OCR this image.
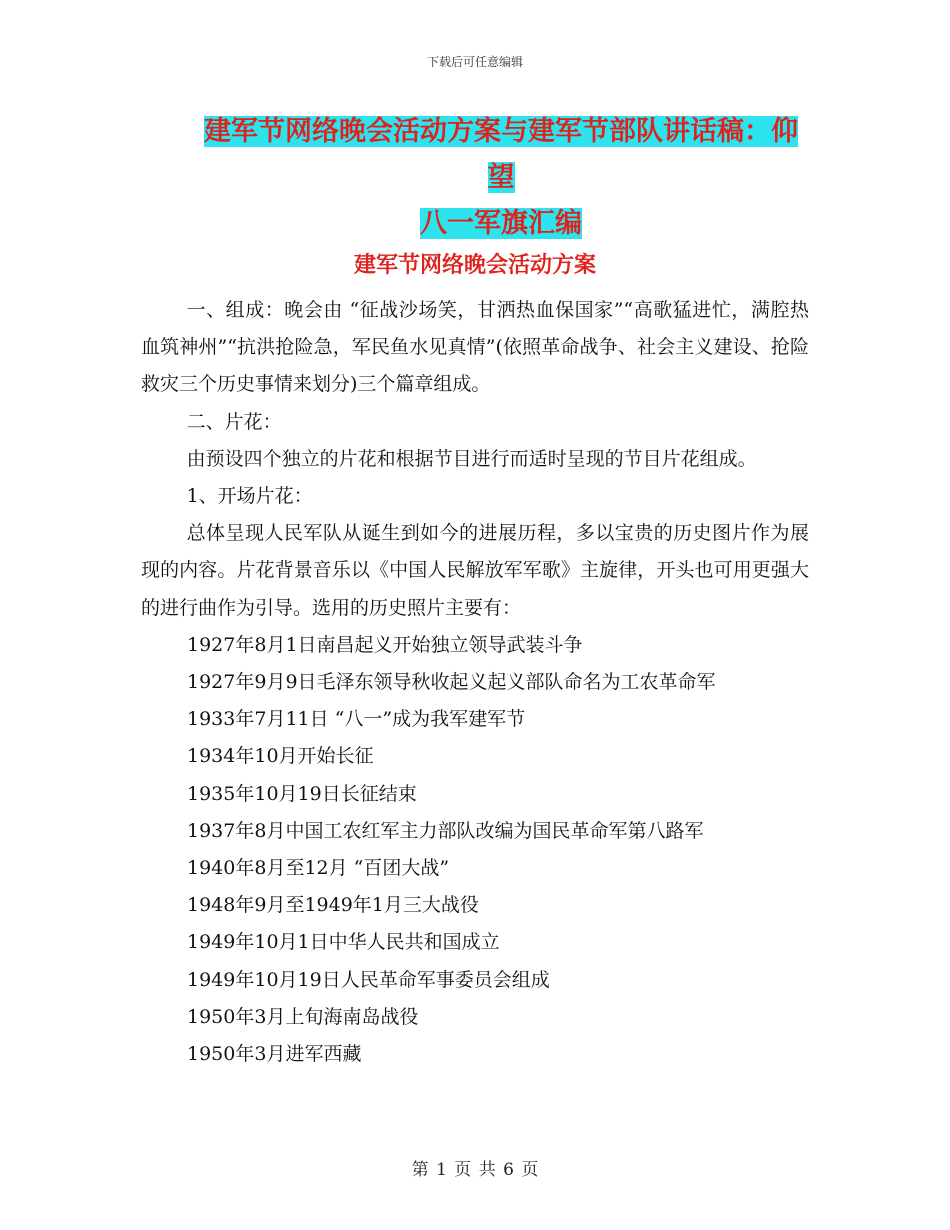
下载后可任意编辑
建军节网络晚会活动方案与建军节部队讲话稿：仰望
八一军旗汇编
建军节网络晚会活动方案

一、组成：晚会由 “征战沙场笑，甘洒热血保国家”“高歌猛进忙，满腔热血筑神州”“抗洪抢险急，军民鱼水见真情”(依照革命战争、社会主义建设、抢险救灾三个历史事情来划分)三个篇章组成。

二、片花：

由预设四个独立的片花和根据节目进行而适时呈现的节目片花组成。

1、开场片花：

总体呈现人民军队从诞生到如今的进展历程，多以宝贵的历史图片作为展现的内容。片花背景音乐以《中国人民解放军军歌》主旋律，开头也可用更强大的进行曲作为引导。选用的历史照片主要有：

1927年8月1日南昌起义开始独立领导武装斗争

1927年9月9日毛泽东领导秋收起义起义部队命名为工农革命军

1933年7月11日 “八一”成为我军建军节

1934年10月开始长征

1935年10月19日长征结束

1937年8月中国工农红军主力部队改编为国民革命军第八路军

1940年8月至12月 “百团大战”

1948年9月至1949年1月三大战役

1949年10月1日中华人民共和国成立

1949年10月19日人民革命军事委员会组成

1950年3月上旬海南岛战役

1950年3月进军西藏

第 1 页 共 6 页
